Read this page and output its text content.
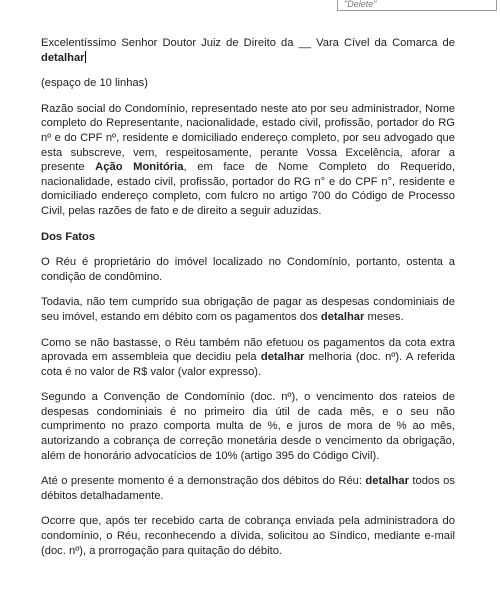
"Delete"

Excelentíssimo Senhor Doutor Juiz de Direito da __ Vara Cível da Comarca de detalhar

(espaço de 10 linhas)

Razão social do Condomínio, representado neste ato por seu administrador, Nome completo do Representante, nacionalidade, estado civil, profissão, portador do RG nº e do CPF nº, residente e domiciliado endereço completo, por seu advogado que esta subscreve, vem, respeitosamente, perante Vossa Excelência, aforar a presente Ação Monitória, em face de Nome Completo do Requerido, nacionalidade, estado civil, profissão, portador do RG n° e do CPF n°, residente e domiciliado endereço completo, com fulcro no artigo 700 do Código de Processo Civil, pelas razões de fato e de direito a seguir aduzidas.

Dos Fatos

O Réu é proprietário do imóvel localizado no Condomínio, portanto, ostenta a condição de condômino.

Todavia, não tem cumprido sua obrigação de pagar as despesas condominiais de seu imóvel, estando em débito com os pagamentos dos detalhar meses.

Como se não bastasse, o Réu também não efetuou os pagamentos da cota extra aprovada em assembleia que decidiu pela detalhar melhoria (doc. nº). A referida cota é no valor de R$ valor (valor expresso).

Segundo a Convenção de Condomínio (doc. nº), o vencimento dos rateios de despesas condominiais é no primeiro dia útil de cada mês, e o seu não cumprimento no prazo comporta multa de %, e juros de mora de % ao mês, autorizando a cobrança de correção monetária desde o vencimento da obrigação, além de honorário advocatícios de 10% (artigo 395 do Código Civil).

Até o presente momento é a demonstração dos débitos do Réu: detalhar todos os débitos detalhadamente.

Ocorre que, após ter recebido carta de cobrança enviada pela administradora do condomínio, o Réu, reconhecendo a dívida, solicitou ao Síndico, mediante e-mail (doc. nº), a prorrogação para quitação do débito.
